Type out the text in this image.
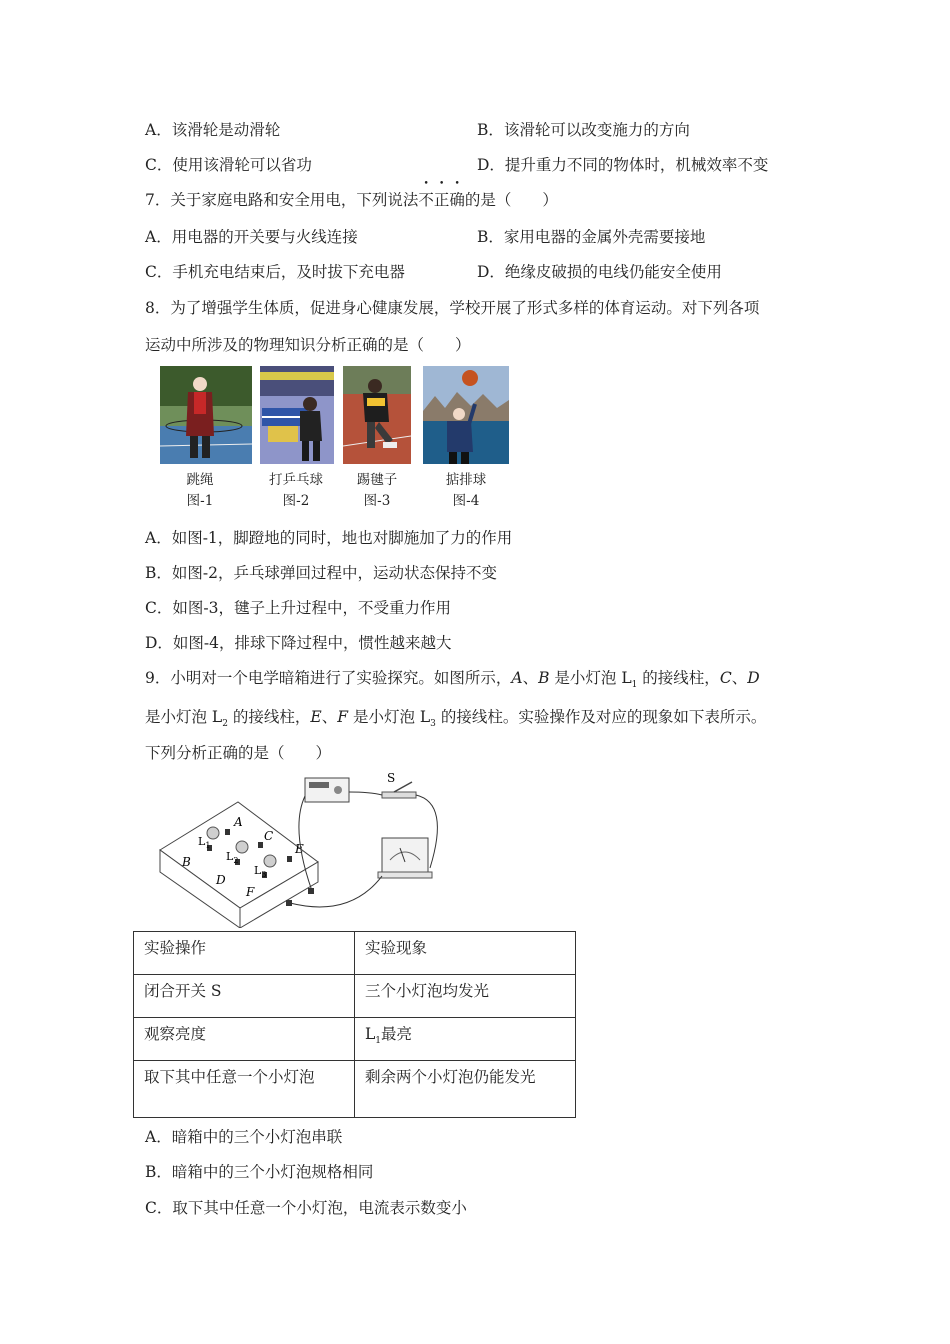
A．该滑轮是动滑轮	B．该滑轮可以改变施力的方向
C．使用该滑轮可以省功	D．提升重力不同的物体时，机械效率不变
7．关于家庭电路和安全用电，下列说法不正确的是（　　）
A．用电器的开关要与火线连接	B．家用电器的金属外壳需要接地
C．手机充电结束后，及时拔下充电器	D．绝缘皮破损的电线仍能安全使用
8．为了增强学生体质，促进身心健康发展，学校开展了形式多样的体育运动。对下列各项
运动中所涉及的物理知识分析正确的是（　　）
跳绳
图-1
打乒乓球
图-2
踢毽子
图-3
掂排球
图-4
A．如图-1，脚蹬地的同时，地也对脚施加了力的作用
B．如图-2，乒乓球弹回过程中，运动状态保持不变
C．如图-3，毽子上升过程中，不受重力作用
D．如图-4，排球下降过程中，惯性越来越大
9．小明对一个电学暗箱进行了实验探究。如图所示，A、B 是小灯泡 $L_1$ 的接线柱，C、D
是小灯泡 $L_2$ 的接线柱，E、F 是小灯泡 $L_3$ 的接线柱。实验操作及对应的现象如下表所示。
下列分析正确的是（　　）
A
B
C
D
E
F
$L_1$
$L_2$
$L_3$
S
实验操作	实验现象
闭合开关 S	三个小灯泡均发光
观察亮度	$L_1$最亮
取下其中任意一个小灯泡	剩余两个小灯泡仍能发光
A．暗箱中的三个小灯泡串联
B．暗箱中的三个小灯泡规格相同
C．取下其中任意一个小灯泡，电流表示数变小
